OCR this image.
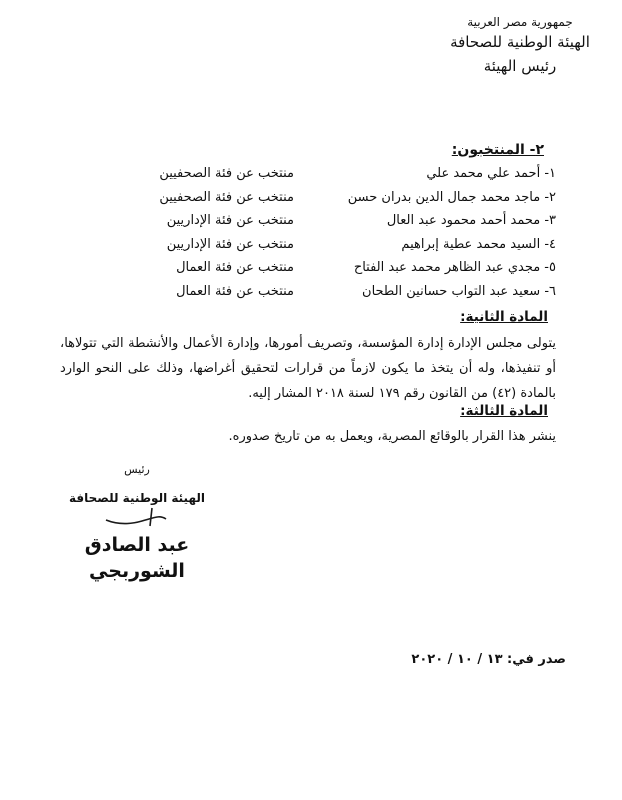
جمهورية مصر العربية
الهيئة الوطنية للصحافة
رئيس الهيئة
٢- المنتخبون:
١- أحمد علي محمد علي
منتخب عن فئة الصحفيين
٢- ماجد محمد جمال الدين بدران حسن
منتخب عن فئة الصحفيين
٣- محمد أحمد محمود عبد العال
منتخب عن فئة الإداريين
٤- السيد محمد عطية إبراهيم
منتخب عن فئة الإداريين
٥- مجدي عبد الظاهر محمد عبد الفتاح
منتخب عن فئة العمال
٦- سعيد عبد التواب حسانين الطحان
منتخب عن فئة العمال
المادة الثانية:
يتولى مجلس الإدارة إدارة المؤسسة، وتصريف أمورها، وإدارة الأعمال والأنشطة التي تتولاها، أو تنفيذها، وله أن يتخذ ما يكون لازماً من قرارات لتحقيق أغراضها، وذلك على النحو الوارد بالمادة (٤٢) من القانون رقم ١٧٩ لسنة ٢٠١٨ المشار إليه.
المادة الثالثة:
ينشر هذا القرار بالوقائع المصرية، ويعمل به من تاريخ صدوره.
رئيس
الهيئة الوطنية للصحافة
عبد الصادق الشوربجي
صدر في: ١٣ / ١٠ / ٢٠٢٠
